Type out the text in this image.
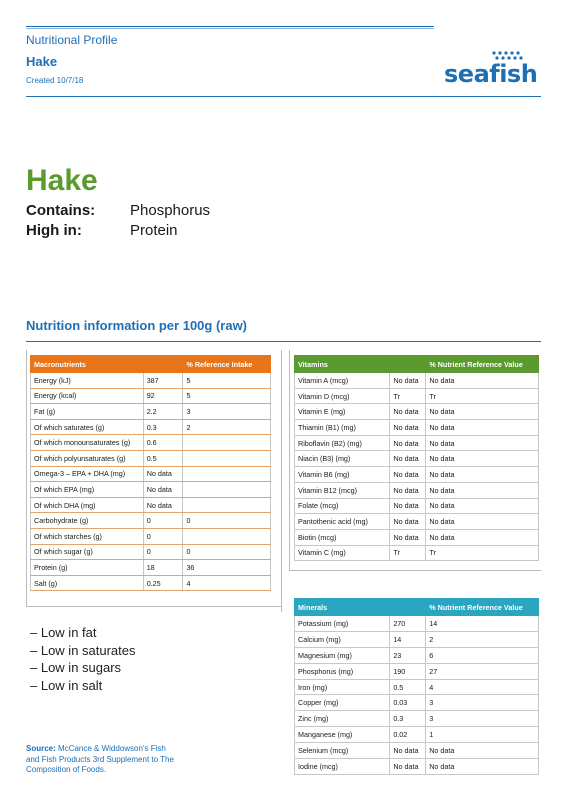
Nutritional Profile
Hake
Created 10/7/18	seafish
Hake
Contains:	Phosphorus
High in:	Protein
Nutrition information per 100g (raw)
Macronutrients		% Reference Intake
Energy (kJ)	387	5
Energy (kcal)	92	5
Fat (g)	2.2	3
Of which saturates (g)	0.3	2
Of which monounsaturates (g)	0.6	
Of which polyunsaturates (g)	0.5	
Omega-3 – EPA + DHA (mg)	No data	
Of which EPA (mg)	No data	
Of which DHA (mg)	No data	
Carbohydrate (g)	0	0
Of which starches (g)	0	
Of which sugar (g)	0	0
Protein (g)	18	36
Salt (g)	0.25	4
Vitamins		% Nutrient Reference Value
Vitamin A (mcg)	No data	No data
Vitamin D (mcg)	Tr	Tr
Vitamin E (mg)	No data	No data
Thiamin (B1) (mg)	No data	No data
Riboflavin (B2) (mg)	No data	No data
Niacin (B3) (mg)	No data	No data
Vitamin B6 (mg)	No data	No data
Vitamin B12 (mcg)	No data	No data
Folate (mcg)	No data	No data
Pantothenic acid (mg)	No data	No data
Biotin (mcg)	No data	No data
Vitamin C (mg)	Tr	Tr
Minerals		% Nutrient Reference Value
Potassium (mg)	270	14
Calcium (mg)	14	2
Magnesium (mg)	23	6
Phosphorus (mg)	190	27
Iron (mg)	0.5	4
Copper (mg)	0.03	3
Zinc (mg)	0.3	3
Manganese (mg)	0.02	1
Selenium (mcg)	No data	No data
Iodine (mcg)	No data	No data
– Low in fat
– Low in saturates
– Low in sugars
– Low in salt
Source: McCance & Widdowson's Fish and Fish Products 3rd Supplement to The Composition of Foods.
